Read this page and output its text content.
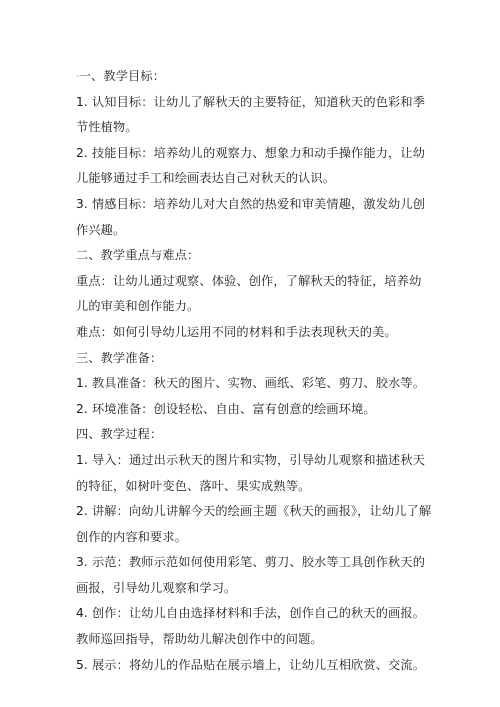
·一、教学目标：

1. 认知目标：让幼儿了解秋天的主要特征，知道秋天的色彩和季节性植物。

2. 技能目标：培养幼儿的观察力、想象力和动手操作能力，让幼儿能够通过手工和绘画表达自己对秋天的认识。

3. 情感目标：培养幼儿对大自然的热爱和审美情趣，激发幼儿创作兴趣。

二、教学重点与难点：

重点：让幼儿通过观察、体验、创作，了解秋天的特征，培养幼儿的审美和创作能力。

难点：如何引导幼儿运用不同的材料和手法表现秋天的美。

三、教学准备：

1. 教具准备：秋天的图片、实物、画纸、彩笔、剪刀、胶水等。

2. 环境准备：创设轻松、自由、富有创意的绘画环境。

四、教学过程：

1. 导入：通过出示秋天的图片和实物，引导幼儿观察和描述秋天的特征，如树叶变色、落叶、果实成熟等。

2. 讲解：向幼儿讲解今天的绘画主题《秋天的画报》，让幼儿了解创作的内容和要求。

3. 示范：教师示范如何使用彩笔、剪刀、胶水等工具创作秋天的画报，引导幼儿观察和学习。

4. 创作：让幼儿自由选择材料和手法，创作自己的秋天的画报。教师巡回指导，帮助幼儿解决创作中的问题。

5. 展示：将幼儿的作品贴在展示墙上，让幼儿互相欣赏、交流。
